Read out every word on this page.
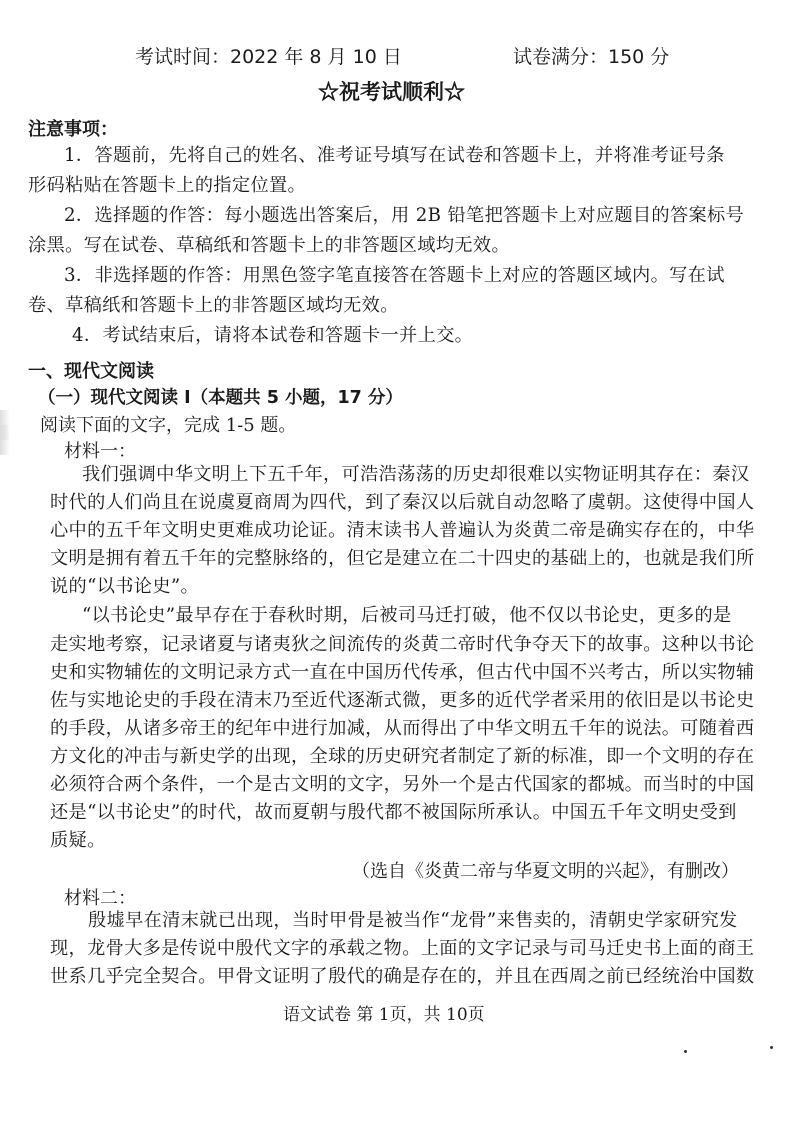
考试时间：2022 年 8 月 10 日	试卷满分：150 分
☆祝考试顺利☆
注意事项：
1．答题前，先将自己的姓名、准考证号填写在试卷和答题卡上，并将准考证号条
形码粘贴在答题卡上的指定位置。
2．选择题的作答：每小题选出答案后，用 2B 铅笔把答题卡上对应题目的答案标号
涂黑。写在试卷、草稿纸和答题卡上的非答题区域均无效。
3．非选择题的作答：用黑色签字笔直接答在答题卡上对应的答题区域内。写在试
卷、草稿纸和答题卡上的非答题区域均无效。
4．考试结束后，请将本试卷和答题卡一并上交。
一、现代文阅读
（一）现代文阅读 I（本题共 5 小题，17 分）
阅读下面的文字，完成 1-5 题。
材料一：
我们强调中华文明上下五千年，可浩浩荡荡的历史却很难以实物证明其存在：秦汉
时代的人们尚且在说虞夏商周为四代，到了秦汉以后就自动忽略了虞朝。这使得中国人
心中的五千年文明史更难成功论证。清末读书人普遍认为炎黄二帝是确实存在的，中华
文明是拥有着五千年的完整脉络的，但它是建立在二十四史的基础上的，也就是我们所
说的“以书论史”。
“以书论史”最早存在于春秋时期，后被司马迁打破，他不仅以书论史，更多的是
走实地考察，记录诸夏与诸夷狄之间流传的炎黄二帝时代争夺天下的故事。这种以书论
史和实物辅佐的文明记录方式一直在中国历代传承，但古代中国不兴考古，所以实物辅
佐与实地论史的手段在清末乃至近代逐渐式微，更多的近代学者采用的依旧是以书论史
的手段，从诸多帝王的纪年中进行加减，从而得出了中华文明五千年的说法。可随着西
方文化的冲击与新史学的出现，全球的历史研究者制定了新的标准，即一个文明的存在
必须符合两个条件，一个是古文明的文字，另外一个是古代国家的都城。而当时的中国
还是“以书论史”的时代，故而夏朝与殷代都不被国际所承认。中国五千年文明史受到
质疑。
（选自《炎黄二帝与华夏文明的兴起》，有删改）
材料二：
殷墟早在清末就已出现，当时甲骨是被当作“龙骨”来售卖的，清朝史学家研究发
现，龙骨大多是传说中殷代文字的承载之物。上面的文字记录与司马迁史书上面的商王
世系几乎完全契合。甲骨文证明了殷代的确是存在的，并且在西周之前已经统治中国数
语文试卷 第 1页，共 10页
